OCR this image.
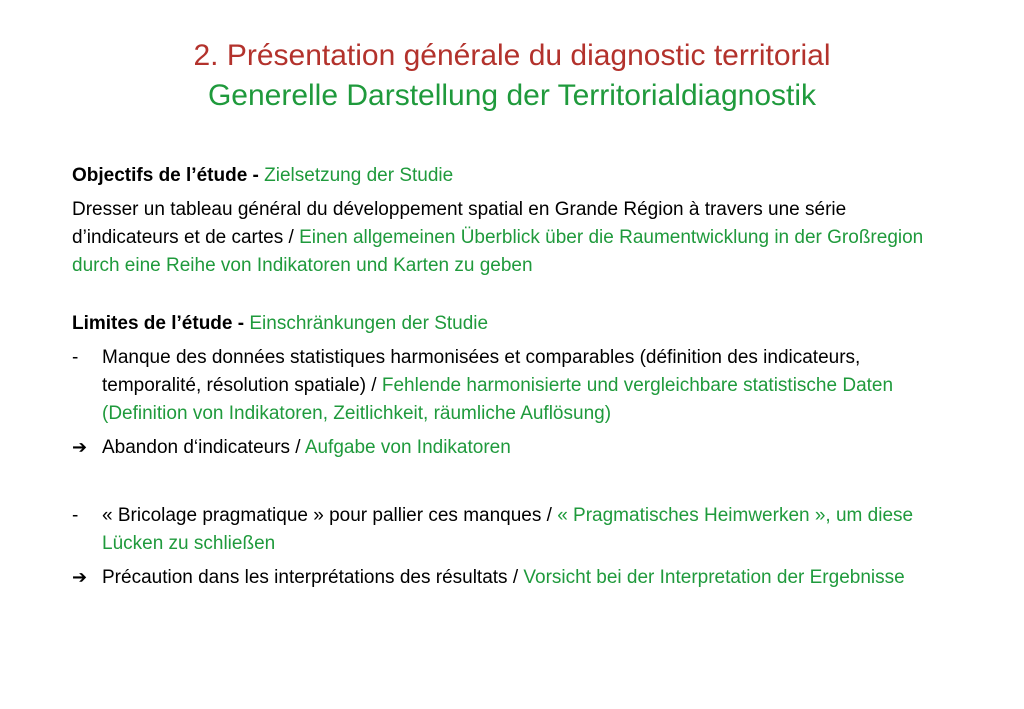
2. Présentation générale du diagnostic territorial
Generelle Darstellung der Territorialdiagnostik

Objectifs de l’étude - Zielsetzung der Studie

Dresser un tableau général du développement spatial en Grande Région à travers une série d’indicateurs et de cartes / Einen allgemeinen Überblick über die Raumentwicklung in der Großregion durch eine Reihe von Indikatoren und Karten zu geben

Limites de l’étude - Einschränkungen der Studie

-	Manque des données statistiques harmonisées et comparables (définition des indicateurs, temporalité, résolution spatiale) / Fehlende harmonisierte und vergleichbare statistische Daten (Definition von Indikatoren, Zeitlichkeit, räumliche Auflösung)
➔ Abandon d‘indicateurs / Aufgabe von Indikatoren
-	« Bricolage pragmatique » pour pallier ces manques / « Pragmatisches Heimwerken », um diese Lücken zu schließen
➔ Précaution dans les interprétations des résultats / Vorsicht bei der Interpretation der Ergebnisse
